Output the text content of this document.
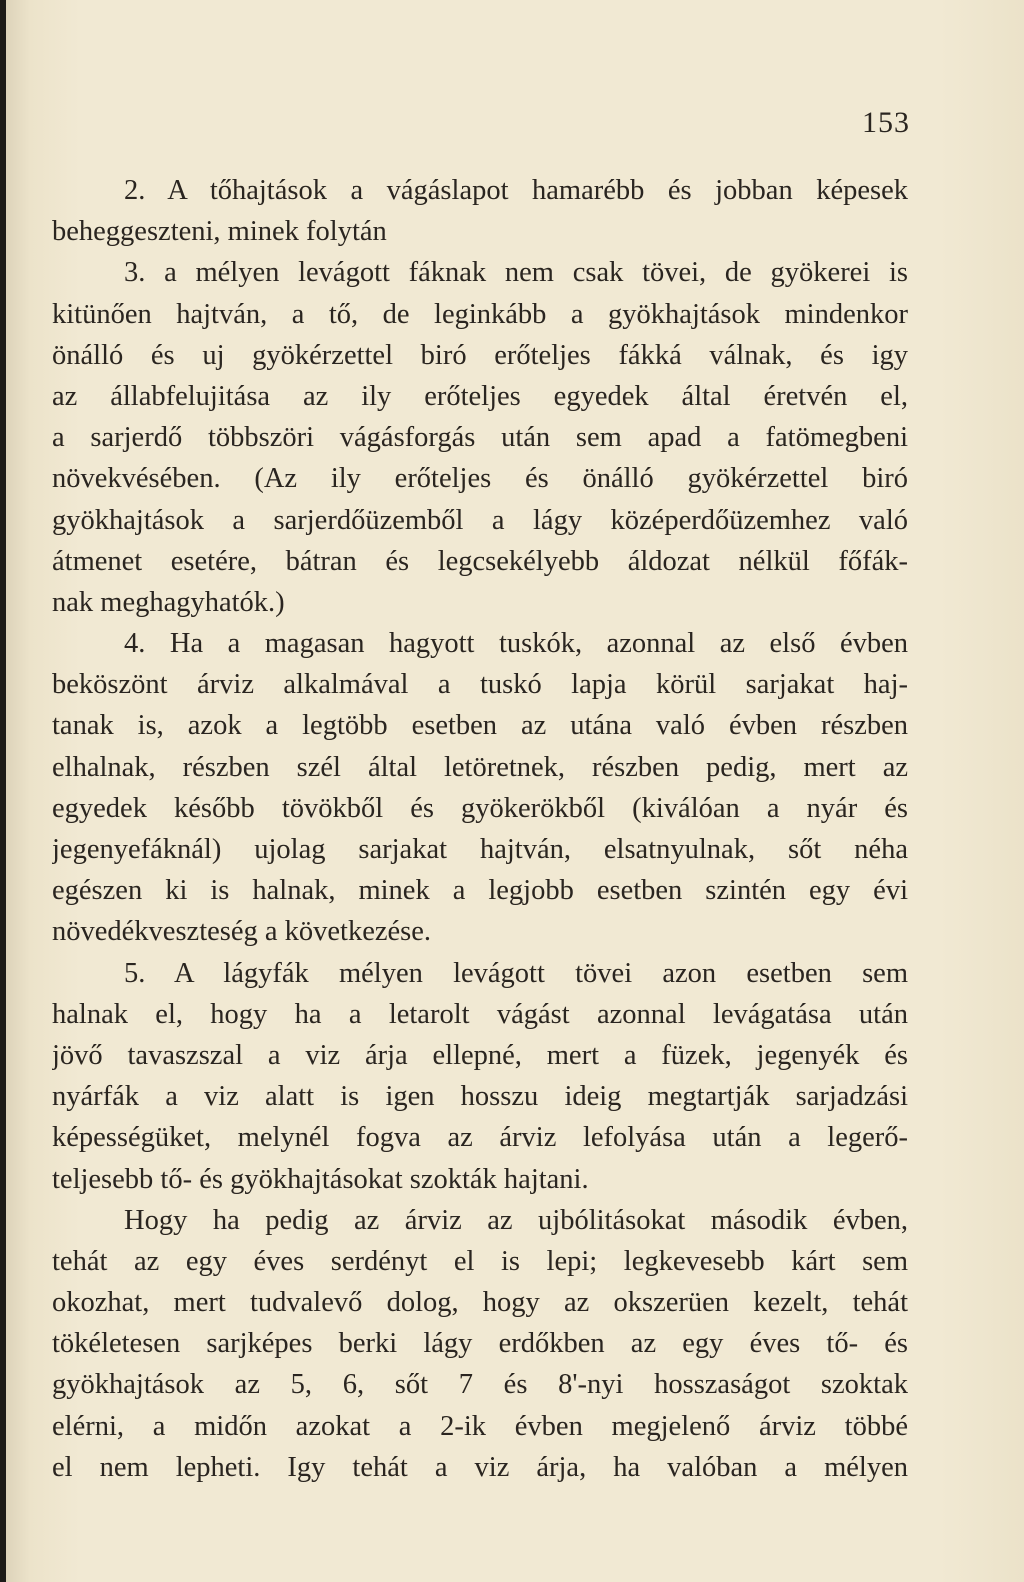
153
2. A tőhajtások a vágáslapot hamarébb és jobban képesek
beheggeszteni, minek folytán
3. a mélyen levágott fáknak nem csak tövei, de gyökerei is
kitünően hajtván, a tő, de leginkább a gyökhajtások mindenkor
önálló és uj gyökérzettel biró erőteljes fákká válnak, és igy
az állabfelujitása az ily erőteljes egyedek által éretvén el,
a sarjerdő többszöri vágásforgás után sem apad a fatömegbeni
növekvésében. (Az ily erőteljes és önálló gyökérzettel biró
gyökhajtások a sarjerdőüzemből a lágy középerdőüzemhez való
átmenet esetére, bátran és legcsekélyebb áldozat nélkül főfák-
nak meghagyhatók.)
4. Ha a magasan hagyott tuskók, azonnal az első évben
beköszönt árviz alkalmával a tuskó lapja körül sarjakat haj-
tanak is, azok a legtöbb esetben az utána való évben részben
elhalnak, részben szél által letöretnek, részben pedig, mert az
egyedek később tövökből és gyökerökből (kiválóan a nyár és
jegenyefáknál) ujolag sarjakat hajtván, elsatnyulnak, sőt néha
egészen ki is halnak, minek a legjobb esetben szintén egy évi
növedékveszteség a következése.
5. A lágyfák mélyen levágott tövei azon esetben sem
halnak el, hogy ha a letarolt vágást azonnal levágatása után
jövő tavaszszal a viz árja ellepné, mert a füzek, jegenyék és
nyárfák a viz alatt is igen hosszu ideig megtartják sarjadzási
képességüket, melynél fogva az árviz lefolyása után a legerő-
teljesebb tő- és gyökhajtásokat szokták hajtani.
Hogy ha pedig az árviz az ujbólitásokat második évben,
tehát az egy éves serdényt el is lepi; legkevesebb kárt sem
okozhat, mert tudvalevő dolog, hogy az okszerüen kezelt, tehát
tökéletesen sarjképes berki lágy erdőkben az egy éves tő- és
gyökhajtások az 5, 6, sőt 7 és 8'-nyi hosszaságot szoktak
elérni, a midőn azokat a 2-ik évben megjelenő árviz többé
el nem lepheti. Igy tehát a viz árja, ha valóban a mélyen
